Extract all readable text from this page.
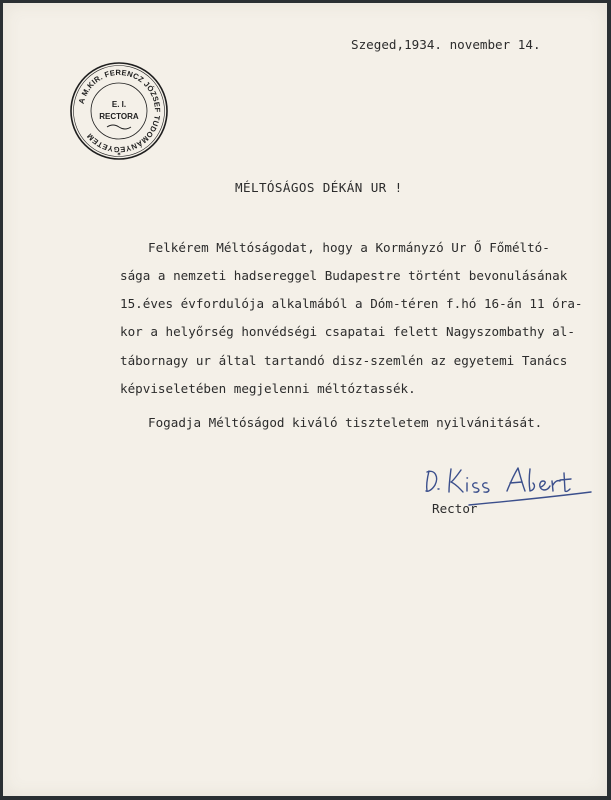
A M.KIR. FERENCZ JÓZSEF TUDOMÁNYEGYETEM
E. I.
RECTORA
✶
Szeged,1934. november 14.
MÉLTÓSÁGOS DÉKÁN UR !
Felkérem Méltóságodat, hogy a Kormányzó Ur Ő Főméltó-
sága a nemzeti hadsereggel Budapestre történt bevonulásának
15.éves évfordulója alkalmából a Dóm-téren f.hó 16-án 11 óra-
kor a helyőrség honvédségi csapatai felett Nagyszombathy al-
tábornagy ur által tartandó disz-szemlén az egyetemi Tanács
képviseletében megjelenni méltóztassék.
Fogadja Méltóságod kiváló tiszteletem nyilvánitását.
Dr. Kiss Albert
Rector
